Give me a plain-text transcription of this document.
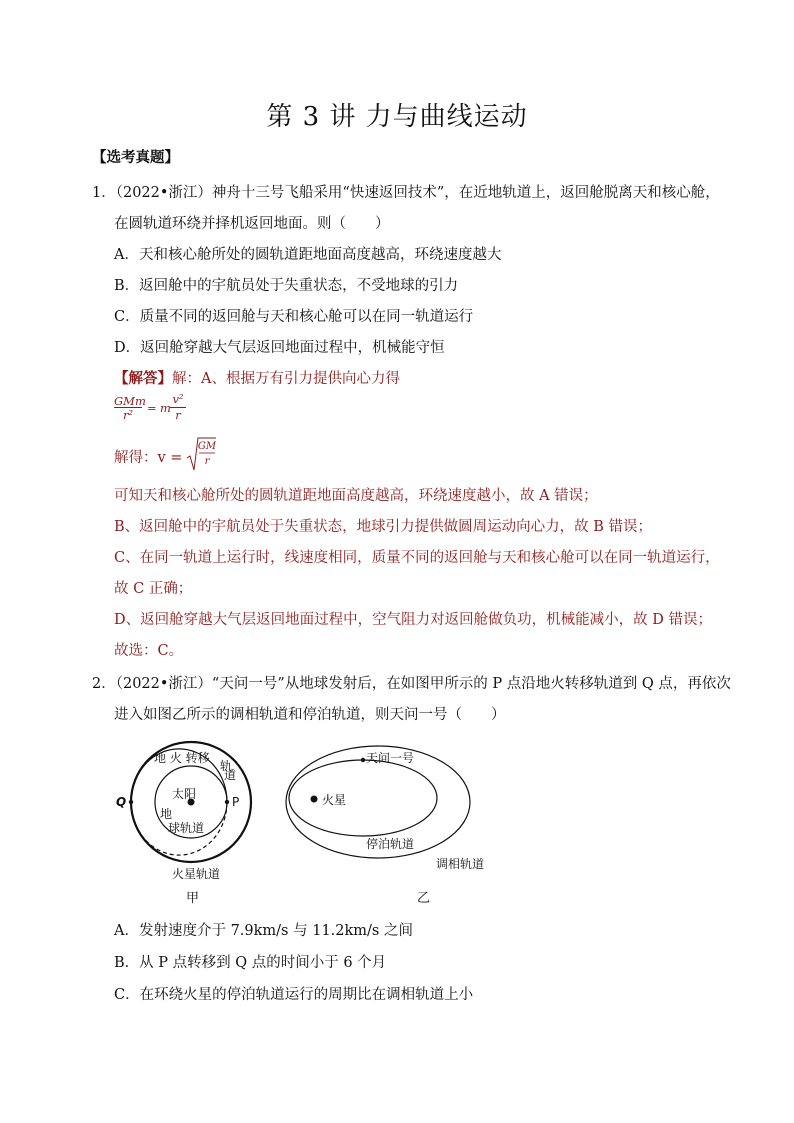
第 3 讲 力与曲线运动
【选考真题】
1．（2022•浙江）神舟十三号飞船采用“快速返回技术”，在近地轨道上，返回舱脱离天和核心舱，
在圆轨道环绕并择机返回地面。则（　　）
A．天和核心舱所处的圆轨道距地面高度越高，环绕速度越大
B．返回舱中的宇航员处于失重状态，不受地球的引力
C．质量不同的返回舱与天和核心舱可以在同一轨道运行
D．返回舱穿越大气层返回地面过程中，机械能守恒
【解答】解：A、根据万有引力提供向心力得
GMm
r²	= m
v²
r
解得：v =
GM
r
可知天和核心舱所处的圆轨道距地面高度越高，环绕速度越小，故 A 错误；
B、返回舱中的宇航员处于失重状态，地球引力提供做圆周运动向心力，故 B 错误；
C、在同一轨道上运行时，线速度相同，质量不同的返回舱与天和核心舱可以在同一轨道运行，
故 C 正确；
D、返回舱穿越大气层返回地面过程中，空气阻力对返回舱做负功，机械能减小，故 D 错误；
故选：C。
2．（2022•浙江）“天问一号”从地球发射后，在如图甲所示的 P 点沿地火转移轨道到 Q 点，再依次
进入如图乙所示的调相轨道和停泊轨道，则天问一号（　　）
地 火 转移
轨
道
太阳
P
Q
地
球轨道
火星轨道
甲
天问一号
火星
停泊轨道
调相轨道
乙
A．发射速度介于 7.9km/s 与 11.2km/s 之间
B．从 P 点转移到 Q 点的时间小于 6 个月
C．在环绕火星的停泊轨道运行的周期比在调相轨道上小
